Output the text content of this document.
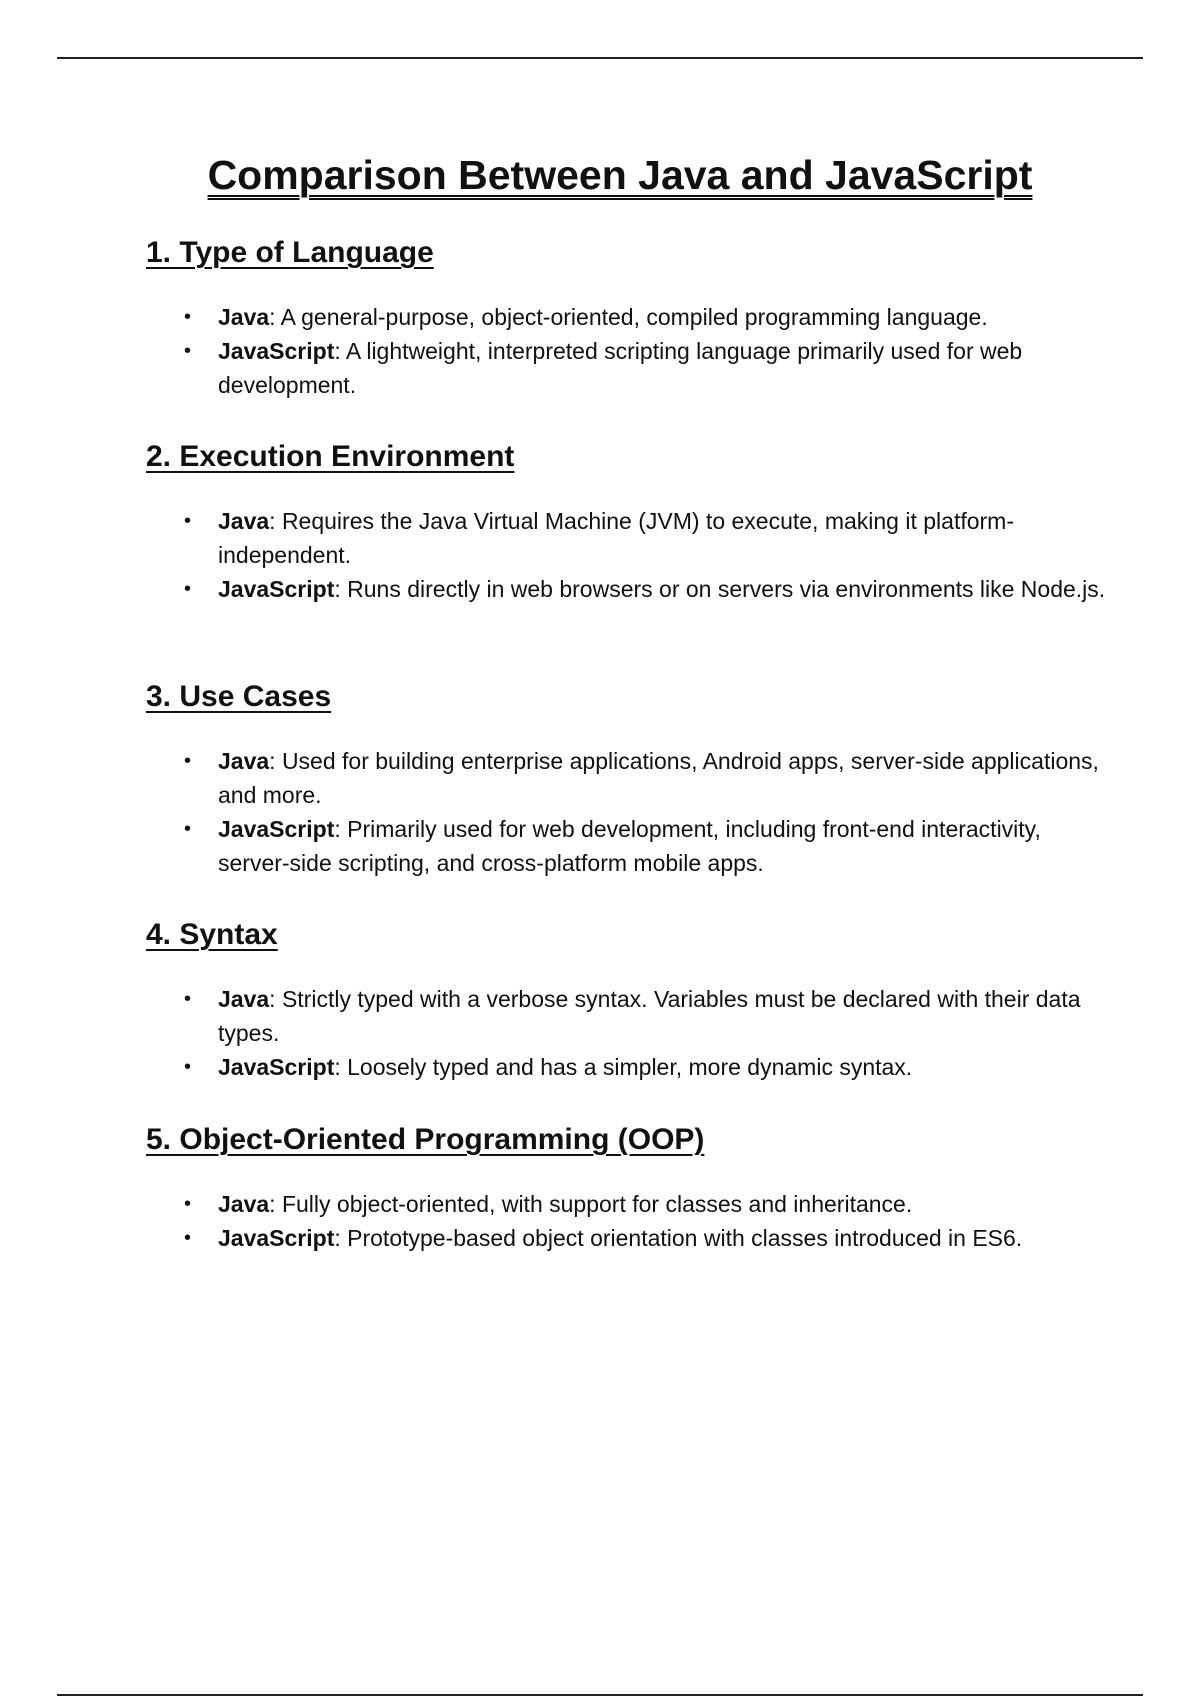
Comparison Between Java and JavaScript
1. Type of Language
• Java: A general-purpose, object-oriented, compiled programming language.
• JavaScript: A lightweight, interpreted scripting language primarily used for web development.
2. Execution Environment
• Java: Requires the Java Virtual Machine (JVM) to execute, making it platform-independent.
• JavaScript: Runs directly in web browsers or on servers via environments like Node.js.
3. Use Cases
• Java: Used for building enterprise applications, Android apps, server-side applications, and more.
• JavaScript: Primarily used for web development, including front-end interactivity, server-side scripting, and cross-platform mobile apps.
4. Syntax
• Java: Strictly typed with a verbose syntax. Variables must be declared with their data types.
• JavaScript: Loosely typed and has a simpler, more dynamic syntax.
5. Object-Oriented Programming (OOP)
• Java: Fully object-oriented, with support for classes and inheritance.
• JavaScript: Prototype-based object orientation with classes introduced in ES6.
